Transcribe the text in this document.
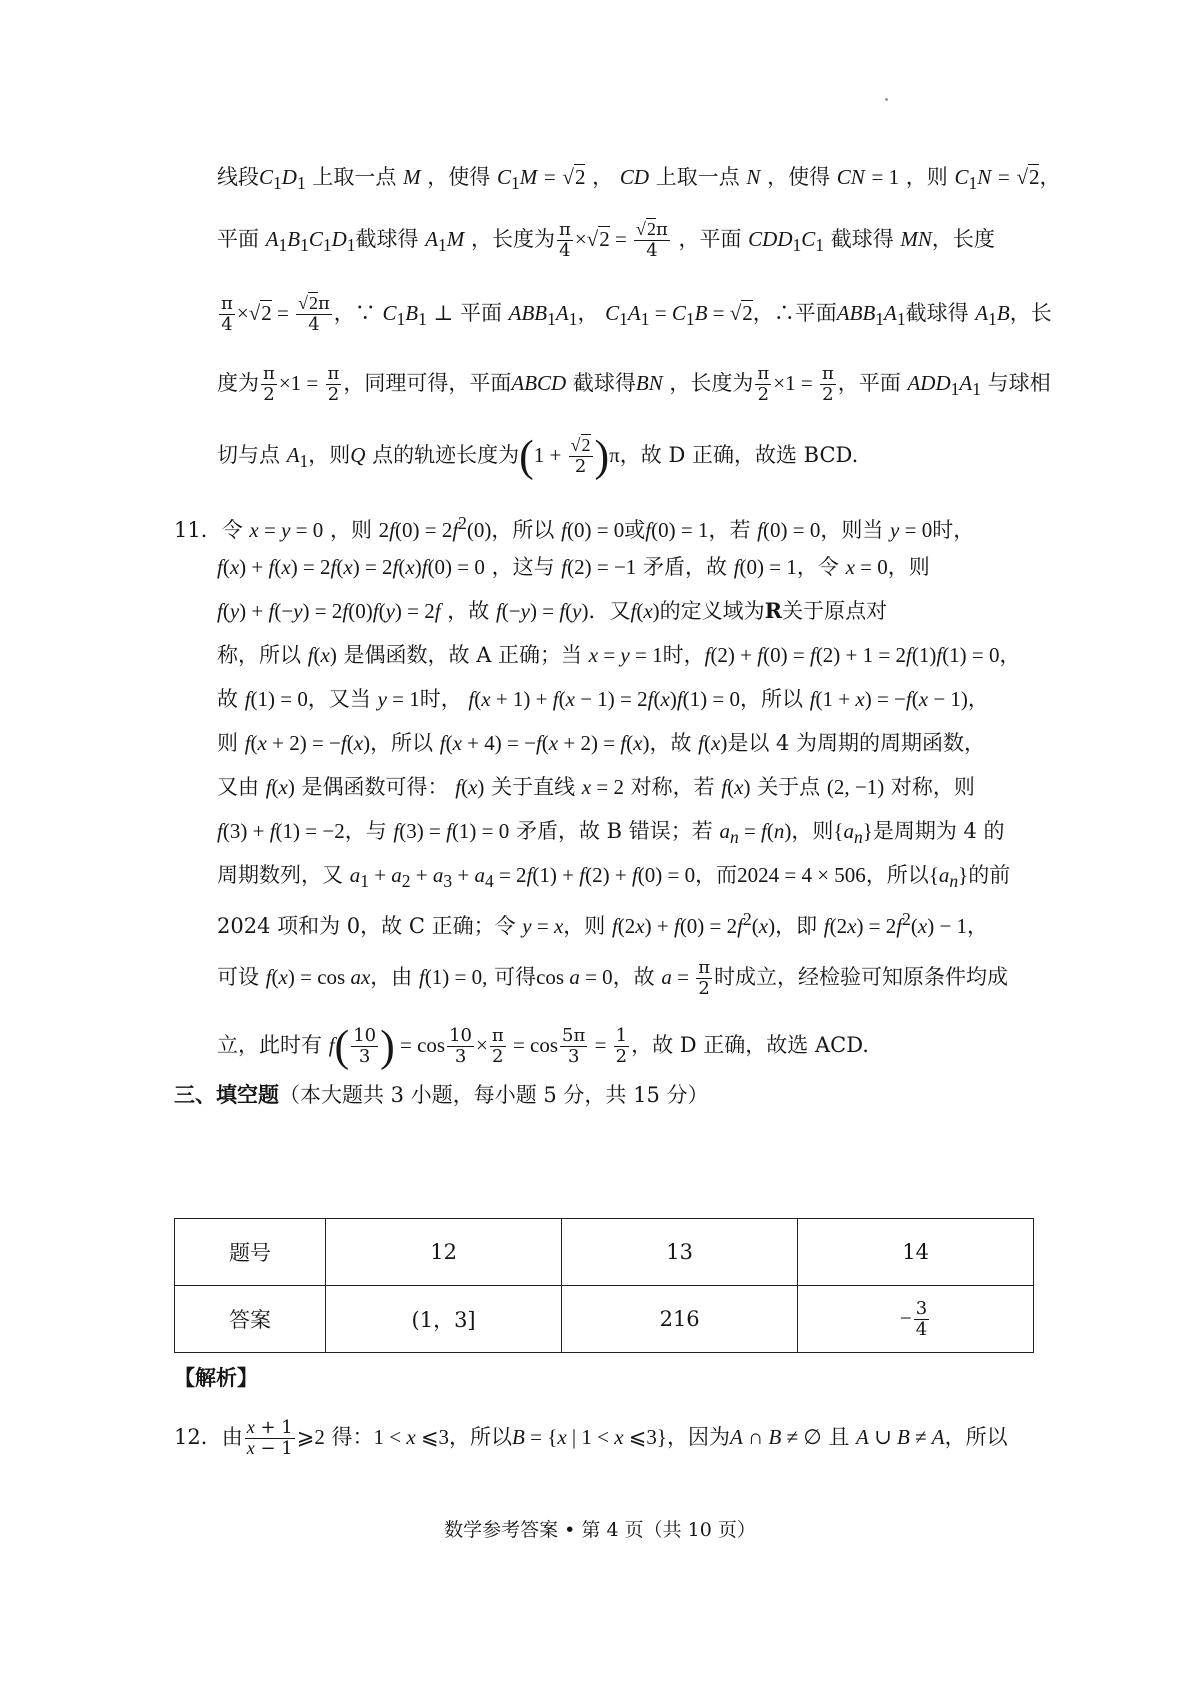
线段$C_1D_1$ 上取一点 M ，使得 $C_1M = √2$ ， CD 上取一点 N ，使得 CN = 1 ，则 $C_1N = √2$，
平面 $A_1B_1C_1D_1$截球得 $A_1M$ ，长度为 $\frac{\pi}{4} \times√2 = \frac{√2\pi}{4}$ ，平面 $CDD_1C_1$ 截球得 MN，长度
$\frac{\pi}{4} \times√2 = \frac{√2\pi}{4}$ ，∵ $C_1B_1$ ⊥ 平面 $ABB_1A_1$， $C_1A_1 = C_1B = √2$，∴平面$ABB_1A_1$截球得 $A_1B$，长
度为 $\frac{\pi}{2} \times 1 = \frac{\pi}{2}$ ，同理可得，平面ABCD 截球得BN ，长度为 $\frac{\pi}{2} \times 1 = \frac{\pi}{2}$ ，平面 $ADD_1A_1$ 与球相
切与点 $A_1$，则Q 点的轨迹长度为$(1 + \frac{√2}{2} )\pi$，故 D 正确，故选 BCD.
11．令 x = y = 0 ，则 $2f(0) = 2f^2(0)$，所以 f(0) = 0或f(0) = 1，若 f(0) = 0，则当 y = 0时，
f(x) + f(x) = 2f(x) = 2f(x)f(0) = 0 ，这与 f(2) = −1 矛盾，故 f(0) = 1，令 x = 0，则
f(y) + f(−y) = 2f(0)f(y) = 2f ，故 f(−y) = f(y)．又f(x)的定义域为R关于原点对
称，所以 f(x) 是偶函数，故 A 正确；当 x = y = 1时，f(2) + f(0) = f(2) + 1 = 2f(1)f(1) = 0，
故 f(1) = 0，又当 y = 1时， f(x + 1) + f(x − 1) = 2f(x)f(1) = 0，所以 f(1 + x) = −f(x − 1)，
则 f(x + 2) = −f(x)，所以 f(x + 4) = −f(x + 2) = f(x)，故 f(x)是以 4 为周期的周期函数，
又由 f(x) 是偶函数可得： f(x) 关于直线 x = 2 对称，若 f(x) 关于点 (2, −1) 对称，则
f(3) + f(1) = −2，与 f(3) = f(1) = 0 矛盾，故 B 错误；若 $a_n = f(n)$，则$\{a_n\}$是周期为 4 的
周期数列，又 $a_1 + a_2 + a_3 + a_4 = 2f(1) + f(2) + f(0) = 0$，而2024 = 4 × 506，所以$\{a_n\}$的前
2024 项和为 0，故 C 正确；令 y = x，则 $f(2x) + f(0) = 2f^2(x)$，即 $f(2x) = 2f^2(x) - 1$，
可设 f(x) = cos ax，由 f(1) = 0, 可得cos a = 0，故 $a = \frac{\pi}{2}$ 时成立，经检验可知原条件均成
立，此时有 $f( \frac{10}{3}$ ) = $\cos \frac{10}{3} \times \frac{\pi}{2} = \cos \frac{5\pi}{3} = \frac{1}{2}$ ，故 D 正确，故选 ACD.
三、填空题（本大题共 3 小题，每小题 5 分，共 15 分）
题号	12	13	14
答案	(1，3]	216	− $\frac{3}{4}$
【解析】
12．由 $\frac{x + 1}{x - 1}$ ⩾2 得：1 < x ⩽3，所以B = {x | 1 < x ⩽3}，因为A ∩ B ≠ ∅ 且 A ∪ B ≠ A，所以
数学参考答案 • 第 4 页（共 10 页）
